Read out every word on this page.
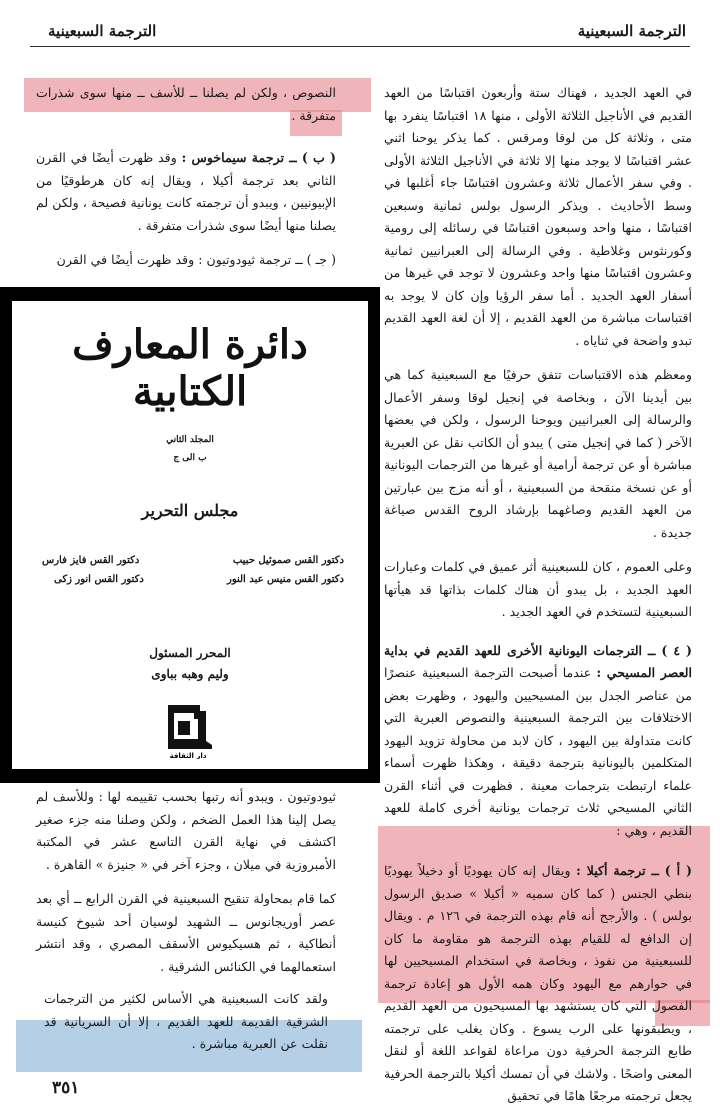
الترجمة السبعينية
الترجمة السبعينية

في العهد الجديد ، فهناك ستة وأربعون اقتباسًا من العهد القديم في الأناجيل الثلاثة الأولى ، منها ١٨ اقتباسًا ينفرد بها متى ، وثلاثة كل من لوقا ومرقس . كما يذكر يوحنا اثني عشر اقتباسًا لا يوجد منها إلا ثلاثة في الأناجيل الثلاثة الأولى . وفي سفر الأعمال ثلاثة وعشرون اقتباسًا جاء أغلبها في وسط الأحاديث . ويذكر الرسول بولس ثمانية وسبعين اقتباسًا ، منها واحد وسبعون اقتباسًا في رسائله إلى رومية وكورنثوس وغلاطية . وفي الرسالة إلى العبرانيين ثمانية وعشرون اقتباسًا منها واحد وعشرون لا توجد في غيرها من أسفار العهد الجديد . أما سفر الرؤيا وإن كان لا يوجد به اقتباسات مباشرة من العهد القديم ، إلا أن لغة العهد القديم تبدو واضحة في ثناياه .

ومعظم هذه الاقتباسات تتفق حرفيًا مع السبعينية كما هي بين أيدينا الآن ، وبخاصة في إنجيل لوقا وسفر الأعمال والرسالة إلى العبرانيين ويوحنا الرسول ، ولكن في بعضها الآخر ( كما في إنجيل متى ) يبدو أن الكاتب نقل عن العبرية مباشرة أو عن ترجمة أرامية أو غيرها من الترجمات اليونانية أو عن نسخة منقحة من السبعينية ، أو أنه مزج بين عبارتين من العهد القديم وصاغهما بإرشاد الروح القدس صياغة جديدة .

وعلى العموم ، كان للسبعينية أثر عميق في كلمات وعبارات العهد الجديد ، بل يبدو أن هناك كلمات بذاتها قد هيأتها السبعينية لتستخدم في العهد الجديد .

( ٤ ) ــ الترجمات اليونانية الأخرى للعهد القديم في بداية العصر المسيحي : عندما أصبحت الترجمة السبعينية عنصرًا من عناصر الجدل بين المسيحيين واليهود ، وظهرت بعض الاختلافات بين الترجمة السبعينية والنصوص العبرية التي كانت متداولة بين اليهود ، كان لابد من محاولة تزويد اليهود المتكلمين باليونانية بترجمة دقيقة ، وهكذا ظهرت أسماء علماء ارتبطت بترجمات معينة . فظهرت في أثناء القرن الثاني المسيحي ثلاث ترجمات يونانية أخرى كاملة للعهد القديم ، وهي :

( أ ) ــ ترجمة أكيلا : ويقال إنه كان يهوديًا أو دخيلاً يهوديًا بنطي الجنس ( كما كان سميه « أكيلا » صديق الرسول بولس ) . والأرجح أنه قام بهذه الترجمة في ١٢٦ م . ويقال إن الدافع له للقيام بهذه الترجمة هو مقاومة ما كان للسبعينية من نفوذ ، وبخاصة في استخدام المسيحيين لها في حوارهم مع اليهود وكان همه الأول هو إعادة ترجمة الفصول التي كان يستشهد بها المسيحيون من العهد القديم ، ويطبقونها على الرب يسوع . وكان يغلب على ترجمته طابع الترجمة الحرفية دون مراعاة لقواعد اللغة أو لنقل المعنى واضحًا . ولاشك في أن تمسك أكيلا بالترجمة الحرفية يجعل ترجمته مرجعًا هامًا في تحقيق

النصوص ، ولكن لم يصلنا ــ للأسف ــ منها سوى شذرات متفرقة .

( ب ) ــ ترجمة سيماخوس : وقد ظهرت أيضًا في القرن الثاني بعد ترجمة أكيلا ، ويقال إنه كان هرطوقيًا من الإبيونيين ، ويبدو أن ترجمته كانت يونانية فصيحة ، ولكن لم يصلنا منها أيضًا سوى شذرات متفرقة .

( جـ ) ــ ترجمة ثيودوتيون : وقد ظهرت أيضًا في القرن

دائرة المعارف الكتابية
المجلد الثاني
ب الى ج
مجلس التحرير
دكتور القس صموئيل حبيب
دكتور القس فايز فارس
دكتور القس منيس عبد النور
دكتور القس انور زكى
المحرر المسئول
وليم وهبه بباوى
دار الثقافة

ثيودوتيون . ويبدو أنه رتبها بحسب تقييمه لها : وللأسف لم يصل إلينا هذا العمل الضخم ، ولكن وصلنا منه جزء صغير اكتشف في نهاية القرن التاسع عشر في المكتبة الأمبروزية في ميلان ، وجزء آخر في « جنيزة » القاهرة .

كما قام بمحاولة تنقيح السبعينية في القرن الرابع ــ أي بعد عصر أوريجانوس ــ الشهيد لوسيان أحد شيوخ كنيسة أنطاكية ، ثم هسيكيوس الأسقف المصري ، وقد انتشر استعمالهما في الكنائس الشرقية .

ولقد كانت السبعينية هي الأساس لكثير من الترجمات الشرقية القديمة للعهد القديم ، إلا أن السريانية قد نقلت عن العبرية مباشرة .

٣٥١
